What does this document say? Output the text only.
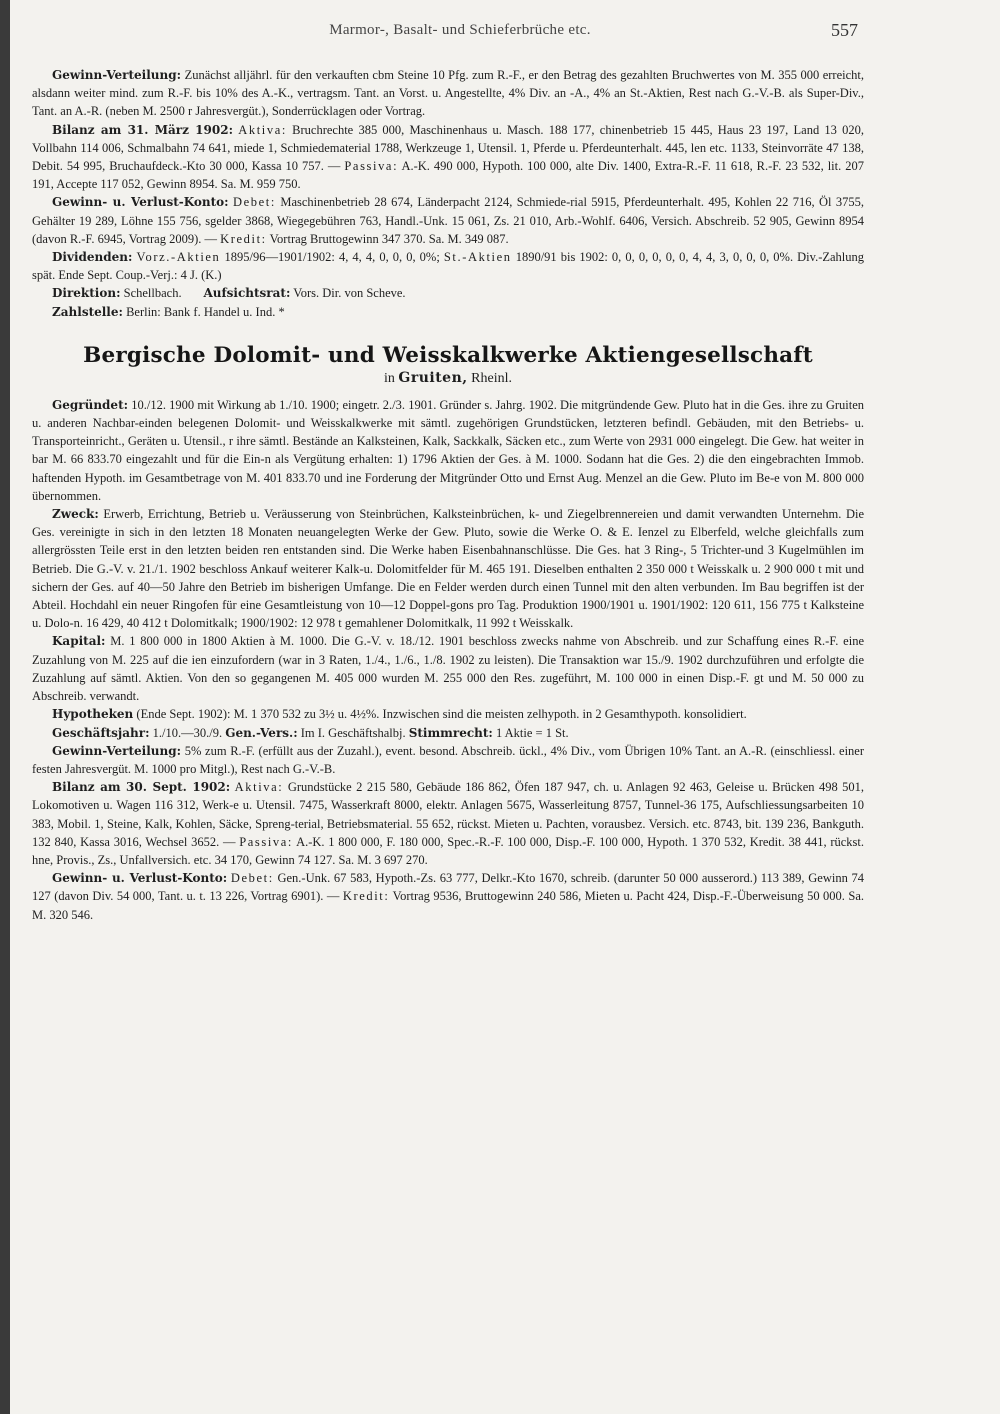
Marmor-, Basalt- und Schieferbrüche etc.	557

Gewinn-Verteilung: Zunächst alljährl. für den verkauften cbm Steine 10 Pfg. zum R.-F., er den Betrag des gezahlten Bruchwertes von M. 355 000 erreicht, alsdann weiter mind. zum R.-F. bis 10% des A.-K., vertragsm. Tant. an Vorst. u. Angestellte, 4% Div. an -A., 4% an St.-Aktien, Rest nach G.-V.-B. als Super-Div., Tant. an A.-R. (neben M. 2500 r Jahresvergüt.), Sonderrücklagen oder Vortrag.

Bilanz am 31. März 1902: Aktiva: Bruchrechte 385 000, Maschinenhaus u. Masch. 188 177, chinenbetrieb 15 445, Haus 23 197, Land 13 020, Vollbahn 114 006, Schmalbahn 74 641, miede 1, Schmiedematerial 1788, Werkzeuge 1, Utensil. 1, Pferde u. Pferdeunterhalt. 445, len etc. 1133, Steinvorräte 47 138, Debit. 54 995, Bruchaufdeck.-Kto 30 000, Kassa 10 757. — Passiva: A.-K. 490 000, Hypoth. 100 000, alte Div. 1400, Extra-R.-F. 11 618, R.-F. 23 532, lit. 207 191, Accepte 117 052, Gewinn 8954. Sa. M. 959 750.

Gewinn- u. Verlust-Konto: Debet: Maschinenbetrieb 28 674, Länderpacht 2124, Schmiede-rial 5915, Pferdeunterhalt. 495, Kohlen 22 716, Öl 3755, Gehälter 19 289, Löhne 155 756, sgelder 3868, Wiegegebühren 763, Handl.-Unk. 15 061, Zs. 21 010, Arb.-Wohlf. 6406, Versich. Abschreib. 52 905, Gewinn 8954 (davon R.-F. 6945, Vortrag 2009). — Kredit: Vortrag Bruttogewinn 347 370. Sa. M. 349 087.

Dividenden: Vorz.-Aktien 1895/96—1901/1902: 4, 4, 4, 0, 0, 0, 0%; St.-Aktien 1890/91 bis 1902: 0, 0, 0, 0, 0, 0, 4, 4, 3, 0, 0, 0, 0%. Div.-Zahlung spät. Ende Sept. Coup.-Verj.: 4 J. (K.)

Direktion: Schellbach. Aufsichtsrat: Vors. Dir. von Scheve.

Zahlstelle: Berlin: Bank f. Handel u. Ind. *

Bergische Dolomit- und Weisskalkwerke Aktiengesellschaft
in Gruiten, Rheinl.

Gegründet: 10./12. 1900 mit Wirkung ab 1./10. 1900; eingetr. 2./3. 1901. Gründer s. Jahrg. 1902. Die mitgründende Gew. Pluto hat in die Ges. ihre zu Gruiten u. anderen Nachbar-einden belegenen Dolomit- und Weisskalkwerke mit sämtl. zugehörigen Grundstücken, letzteren befindl. Gebäuden, mit den Betriebs- u. Transporteinricht., Geräten u. Utensil., r ihre sämtl. Bestände an Kalksteinen, Kalk, Sackkalk, Säcken etc., zum Werte von 2931 000 eingelegt. Die Gew. hat weiter in bar M. 66 833.70 eingezahlt und für die Ein-n als Vergütung erhalten: 1) 1796 Aktien der Ges. à M. 1000. Sodann hat die Ges. 2) die den eingebrachten Immob. haftenden Hypoth. im Gesamtbetrage von M. 401 833.70 und ine Forderung der Mitgründer Otto und Ernst Aug. Menzel an die Gew. Pluto im Be-e von M. 800 000 übernommen.

Zweck: Erwerb, Errichtung, Betrieb u. Veräusserung von Steinbrüchen, Kalksteinbrüchen, k- und Ziegelbrennereien und damit verwandten Unternehm. Die Ges. vereinigte in sich in den letzten 18 Monaten neuangelegten Werke der Gew. Pluto, sowie die Werke O. & E. Ienzel zu Elberfeld, welche gleichfalls zum allergrössten Teile erst in den letzten beiden ren entstanden sind. Die Werke haben Eisenbahnanschlüsse. Die Ges. hat 3 Ring-, 5 Trichter-und 3 Kugelmühlen im Betrieb. Die G.-V. v. 21./1. 1902 beschloss Ankauf weiterer Kalk-u. Dolomitfelder für M. 465 191. Dieselben enthalten 2 350 000 t Weisskalk u. 2 900 000 t mit und sichern der Ges. auf 40—50 Jahre den Betrieb im bisherigen Umfange. Die en Felder werden durch einen Tunnel mit den alten verbunden. Im Bau begriffen ist der Abteil. Hochdahl ein neuer Ringofen für eine Gesamtleistung von 10—12 Doppel-gons pro Tag. Produktion 1900/1901 u. 1901/1902: 120 611, 156 775 t Kalksteine u. Dolo-n. 16 429, 40 412 t Dolomitkalk; 1900/1902: 12 978 t gemahlener Dolomitkalk, 11 992 t Weisskalk.

Kapital: M. 1 800 000 in 1800 Aktien à M. 1000. Die G.-V. v. 18./12. 1901 beschloss zwecks nahme von Abschreib. und zur Schaffung eines R.-F. eine Zuzahlung von M. 225 auf die ien einzufordern (war in 3 Raten, 1./4., 1./6., 1./8. 1902 zu leisten). Die Transaktion war 15./9. 1902 durchzuführen und erfolgte die Zuzahlung auf sämtl. Aktien. Von den so gegangenen M. 405 000 wurden M. 255 000 den Res. zugeführt, M. 100 000 in einen Disp.-F. gt und M. 50 000 zu Abschreib. verwandt.

Hypotheken (Ende Sept. 1902): M. 1 370 532 zu 3½ u. 4½%. Inzwischen sind die meisten zelhypoth. in 2 Gesamthypoth. konsolidiert.

Geschäftsjahr: 1./10.—30./9. Gen.-Vers.: Im I. Geschäftshalbj. Stimmrecht: 1 Aktie = 1 St.

Gewinn-Verteilung: 5% zum R.-F. (erfüllt aus der Zuzahl.), event. besond. Abschreib. ückl., 4% Div., vom Übrigen 10% Tant. an A.-R. (einschliessl. einer festen Jahresvergüt. M. 1000 pro Mitgl.), Rest nach G.-V.-B.

Bilanz am 30. Sept. 1902: Aktiva: Grundstücke 2 215 580, Gebäude 186 862, Öfen 187 947, ch. u. Anlagen 92 463, Geleise u. Brücken 498 501, Lokomotiven u. Wagen 116 312, Werk-e u. Utensil. 7475, Wasserkraft 8000, elektr. Anlagen 5675, Wasserleitung 8757, Tunnel-36 175, Aufschliessungsarbeiten 10 383, Mobil. 1, Steine, Kalk, Kohlen, Säcke, Spreng-terial, Betriebsmaterial. 55 652, rückst. Mieten u. Pachten, vorausbez. Versich. etc. 8743, bit. 139 236, Bankguth. 132 840, Kassa 3016, Wechsel 3652. — Passiva: A.-K. 1 800 000, F. 180 000, Spec.-R.-F. 100 000, Disp.-F. 100 000, Hypoth. 1 370 532, Kredit. 38 441, rückst. hne, Provis., Zs., Unfallversich. etc. 34 170, Gewinn 74 127. Sa. M. 3 697 270.

Gewinn- u. Verlust-Konto: Debet: Gen.-Unk. 67 583, Hypoth.-Zs. 63 777, Delkr.-Kto 1670, schreib. (darunter 50 000 ausserord.) 113 389, Gewinn 74 127 (davon Div. 54 000, Tant. u. t. 13 226, Vortrag 6901). — Kredit: Vortrag 9536, Bruttogewinn 240 586, Mieten u. Pacht 424, Disp.-F.-Überweisung 50 000. Sa. M. 320 546.
